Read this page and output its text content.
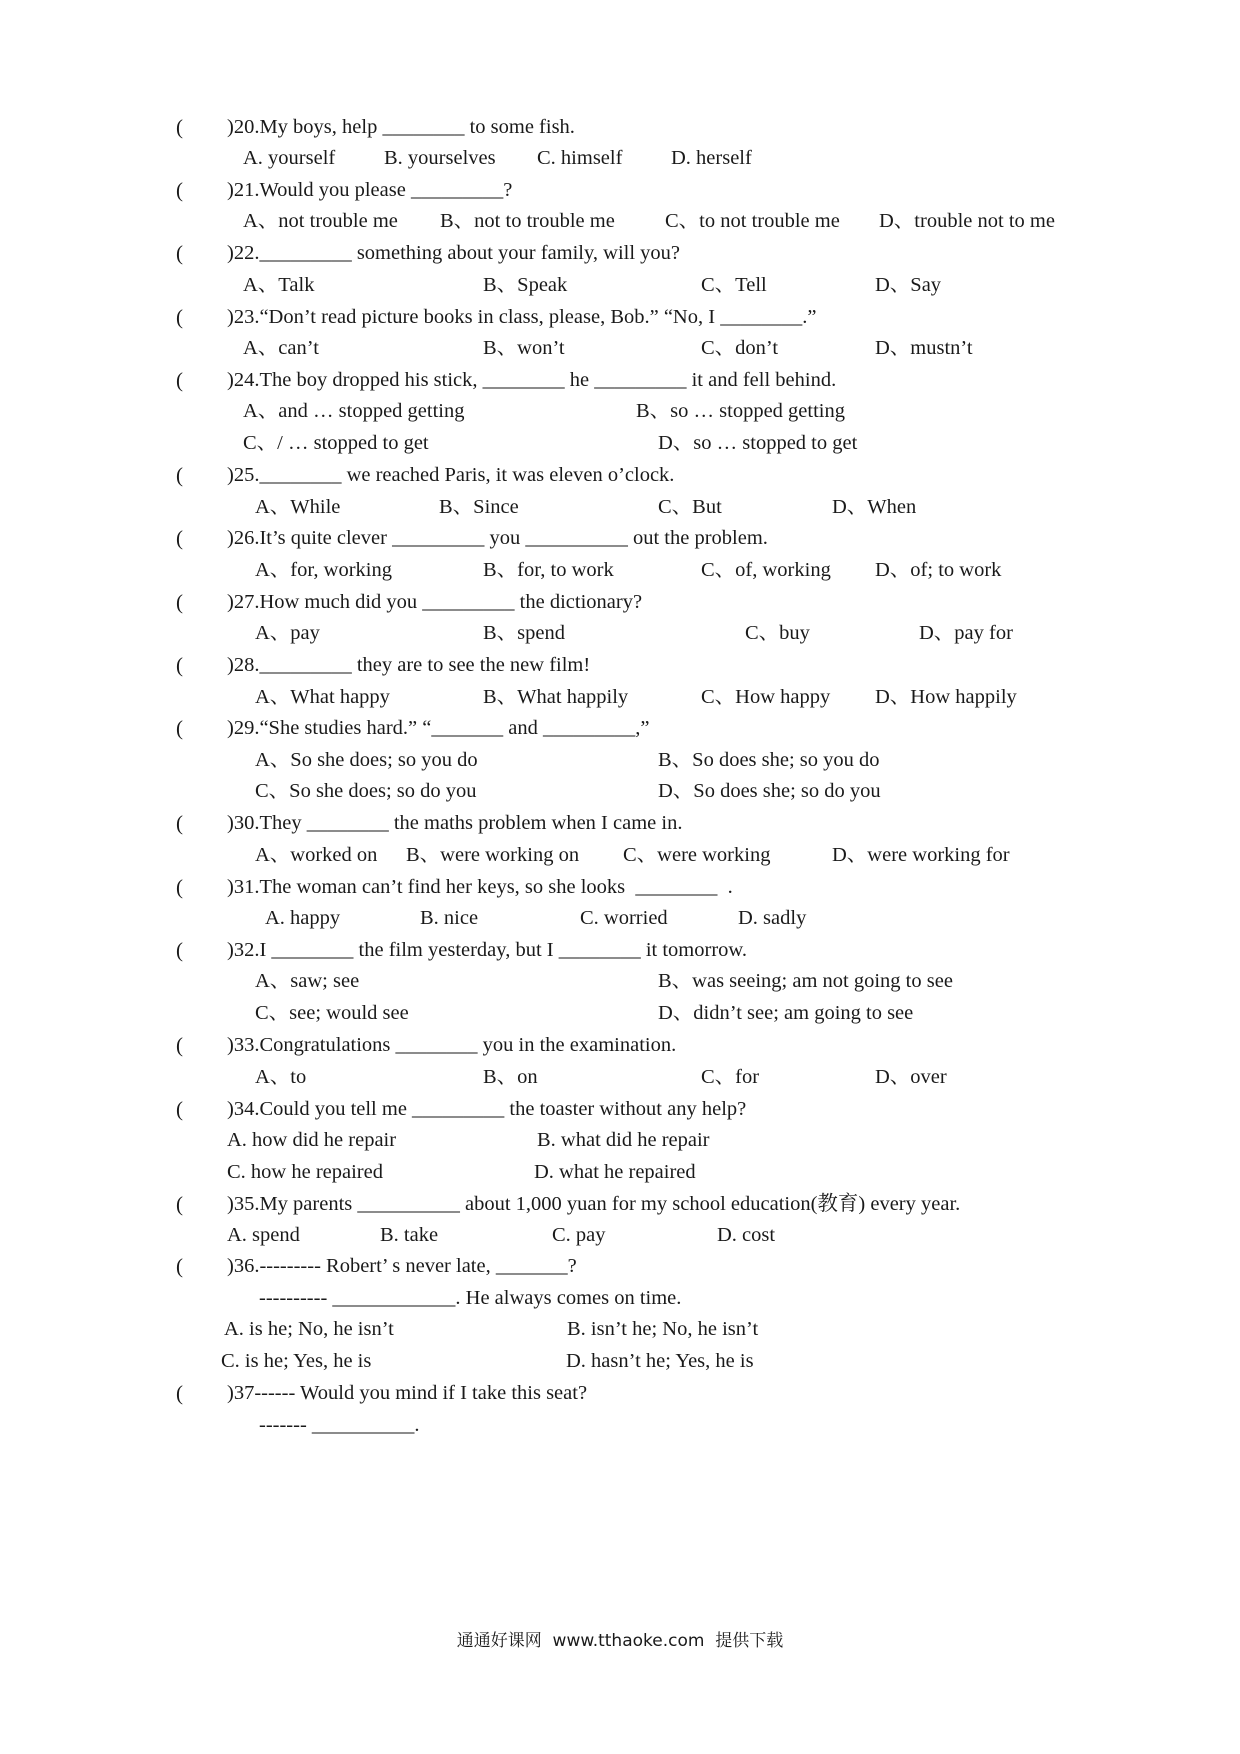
( )20.My boys, help ________ to some fish.
A. yourself B. yourselves C. himself D. herself
( )21.Would you please _________?
A、not trouble me B、not to trouble me C、to not trouble me D、trouble not to me
( )22._________ something about your family, will you?
A、Talk	B、Speak	C、Tell	D、Say
( )23.“Don’t read picture books in class, please, Bob.” “No, I ________.”
A、can’t	B、won’t	C、don’t	D、mustn’t
( )24.The boy dropped his stick, ________ he _________ it and fell behind.
A、and … stopped getting	B、so … stopped getting
C、/ … stopped to get	D、so … stopped to get
( )25.________ we reached Paris, it was eleven o’clock.
A、While	B、Since	C、But	D、When
( )26.It’s quite clever _________ you __________ out the problem.
A、for, working	B、for, to work	C、of, working D、of; to work
( )27.How much did you _________ the dictionary?
A、pay	B、spend	C、buy	D、pay for
( )28._________ they are to see the new film!
A、What happy	B、What happily	C、How happy D、How happily
( )29.“She studies hard.” “_______ and _________,”
A、So she does; so you do	B、So does she; so you do
C、So she does; so do you	D、So does she; so do you
( )30.They ________ the maths problem when I came in.
A、worked on B、were working on C、were working	D、were working for
( )31.The woman can’t find her keys, so she looks  ________  .
A. happy	B. nice	C. worried	D. sadly
( )32.I ________ the film yesterday, but I ________ it tomorrow.
A、saw; see	B、was seeing; am not going to see
C、see; would see	D、didn’t see; am going to see
( )33.Congratulations ________ you in the examination.
A、to	B、on	C、for	D、over
( )34.Could you tell me _________ the toaster without any help?
A. how did he repair	B. what did he repair
C. how he repaired	D. what he repaired
( )35.My parents __________ about 1,000 yuan for my school education(教育) every year.
A. spend	B. take	C. pay	D. cost
( )36.--------- Robert’ s never late, _______?
---------- ____________. He always comes on time.
A. is he; No, he isn’t	B. isn’t he; No, he isn’t
C. is he; Yes, he is	D. hasn’t he; Yes, he is
( )37------ Would you mind if I take this seat?
------- __________.
通通好课网  www.tthaoke.com  提供下载
